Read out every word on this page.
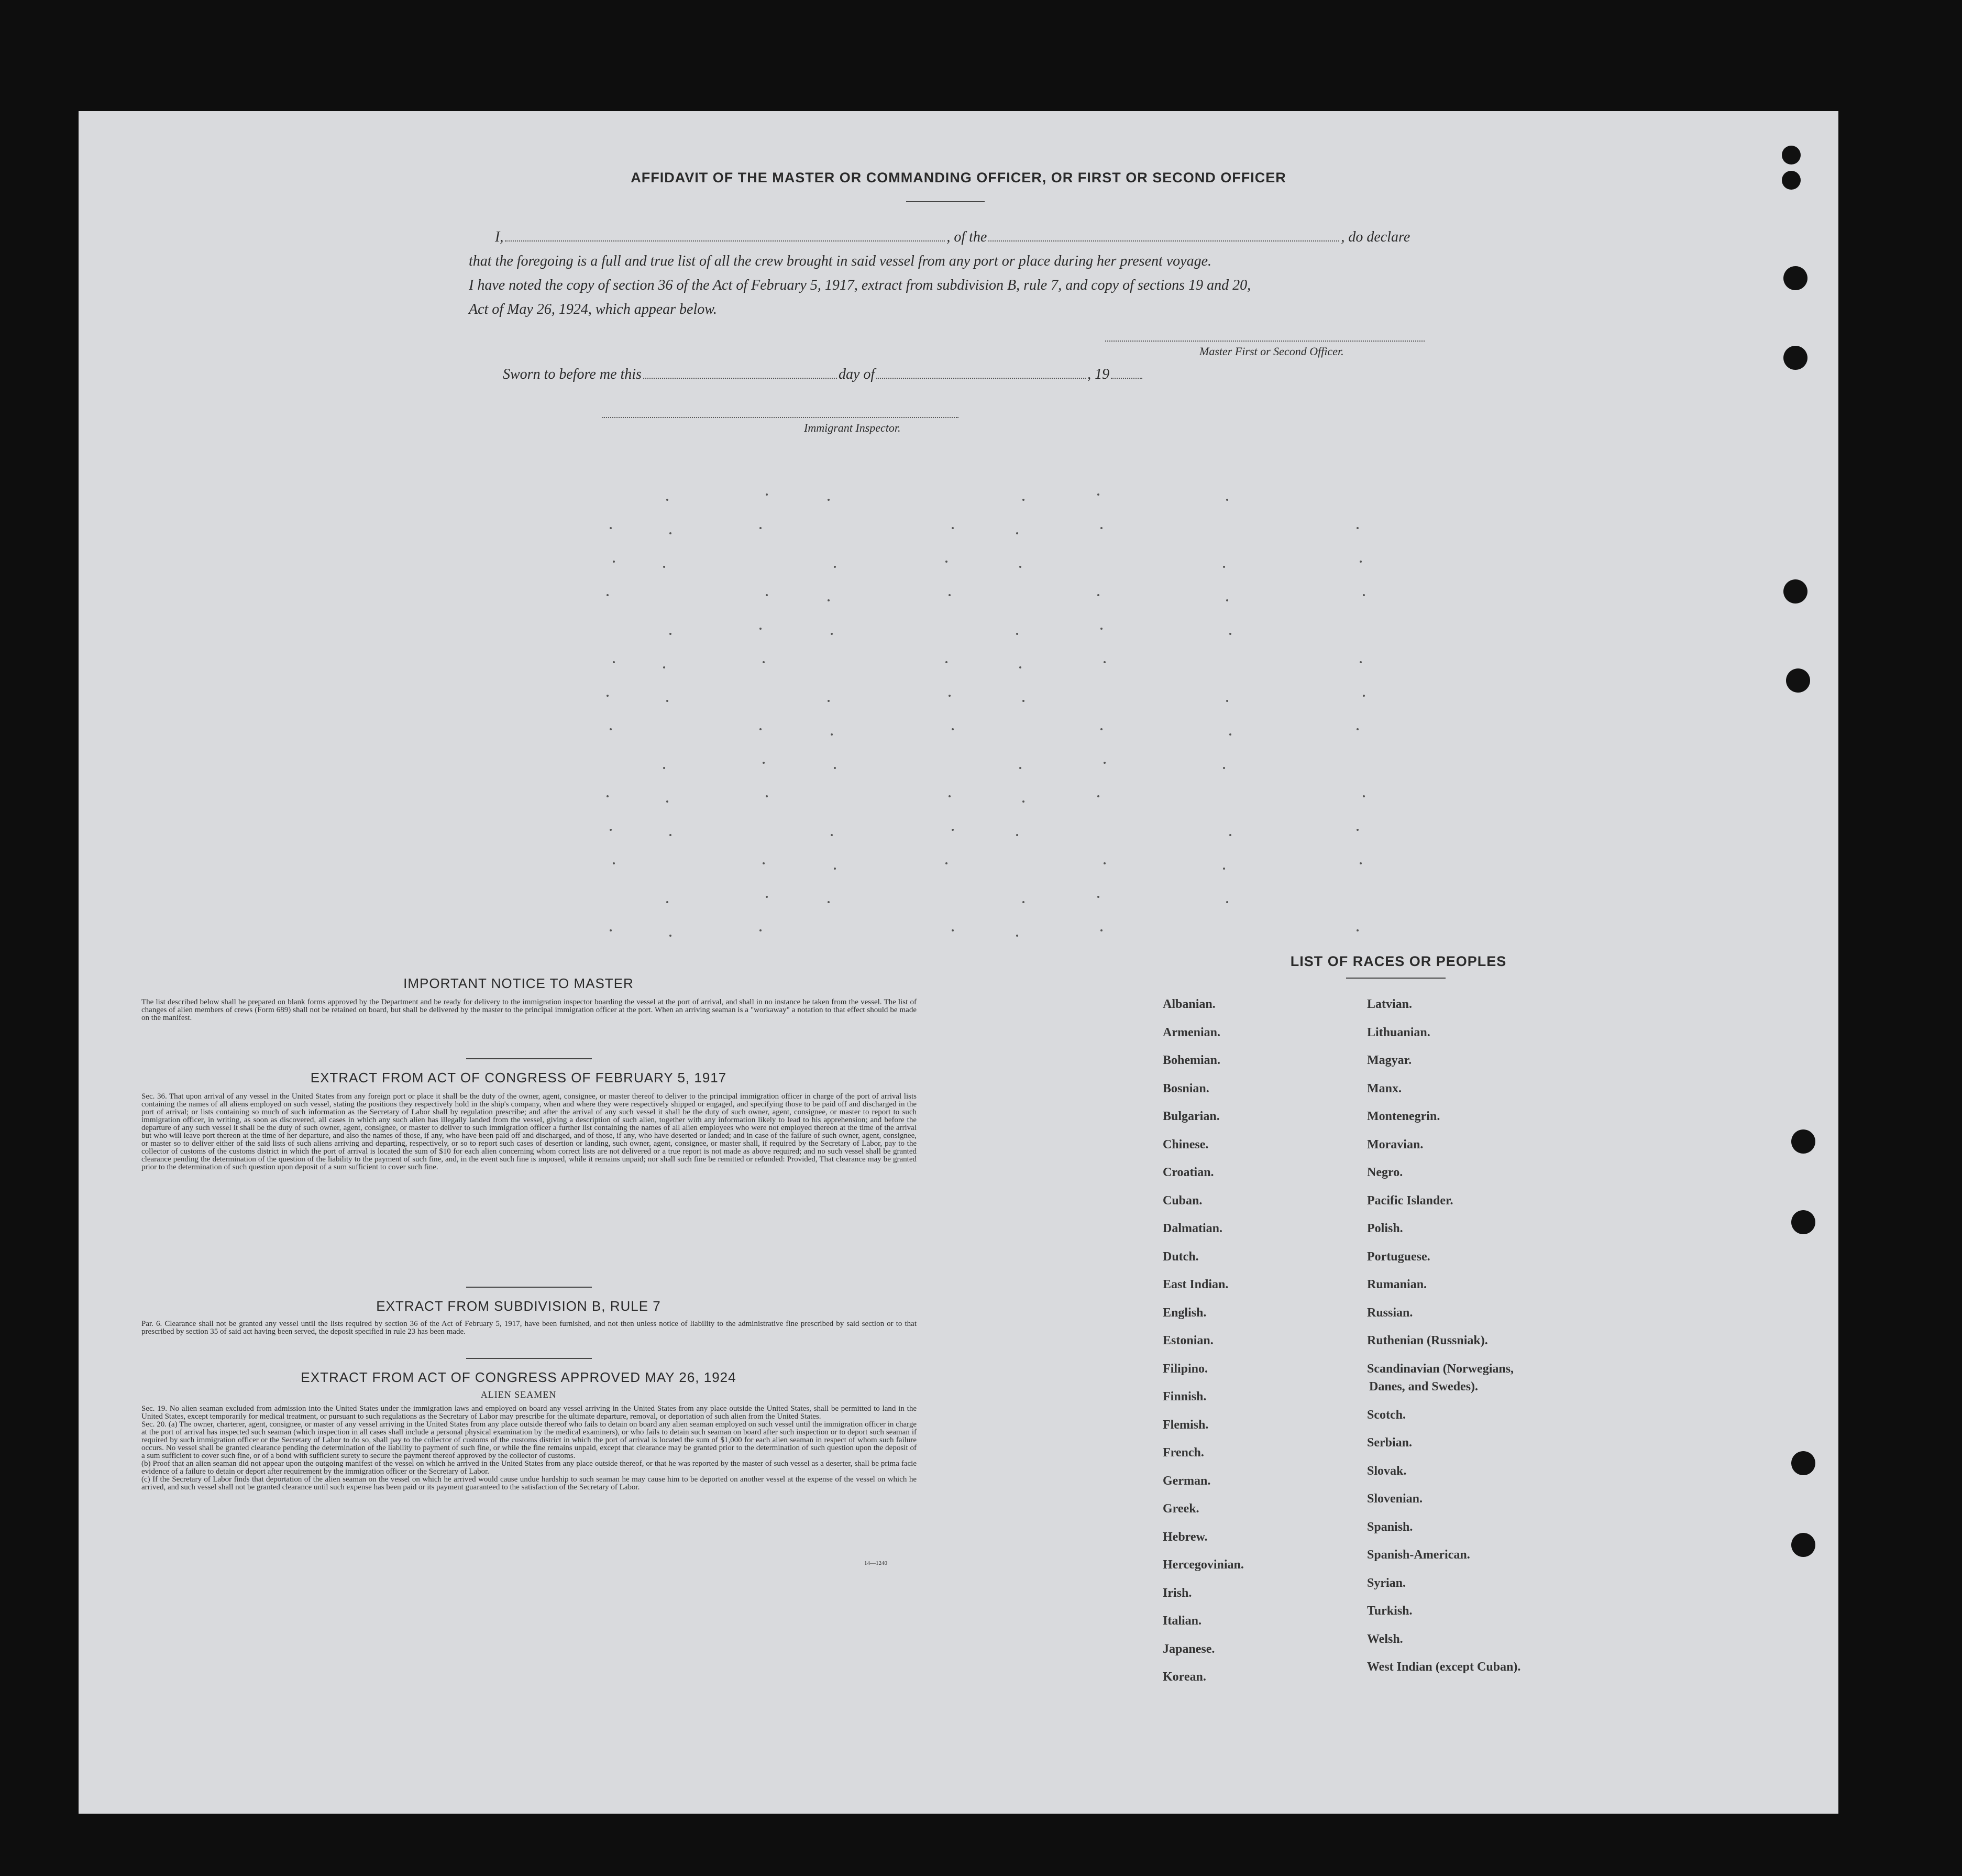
AFFIDAVIT OF THE MASTER OR COMMANDING OFFICER, OR FIRST OR SECOND OFFICER
I,	, of the	, do declare
that the foregoing is a full and true list of all the crew brought in said vessel from any port or place during her present voyage.
I have noted the copy of section 36 of the Act of February 5, 1917, extract from subdivision B, rule 7, and copy of sections 19 and 20,
Act of May 26, 1924, which appear below.
Master First or Second Officer.
Sworn to before me this	day of	, 19
Immigrant Inspector.
IMPORTANT NOTICE TO MASTER
The list described below shall be prepared on blank forms approved by the Department and be ready for delivery to the immigration inspector boarding the vessel at the port of arrival, and shall in no instance be taken from the vessel. The list of changes of alien members of crews (Form 689) shall not be retained on board, but shall be delivered by the master to the principal immigration officer at the port. When an arriving seaman is a "workaway" a notation to that effect should be made on the manifest.
EXTRACT FROM ACT OF CONGRESS OF FEBRUARY 5, 1917
Sec. 36. That upon arrival of any vessel in the United States from any foreign port or place it shall be the duty of the owner, agent, consignee, or master thereof to deliver to the principal immigration officer in charge of the port of arrival lists containing the names of all aliens employed on such vessel, stating the positions they respectively hold in the ship's company, when and where they were respectively shipped or engaged, and specifying those to be paid off and discharged in the port of arrival; or lists containing so much of such information as the Secretary of Labor shall by regulation prescribe; and after the arrival of any such vessel it shall be the duty of such owner, agent, consignee, or master to report to such immigration officer, in writing, as soon as discovered, all cases in which any such alien has illegally landed from the vessel, giving a description of such alien, together with any information likely to lead to his apprehension; and before the departure of any such vessel it shall be the duty of such owner, agent, consignee, or master to deliver to such immigration officer a further list containing the names of all alien employees who were not employed thereon at the time of the arrival but who will leave port thereon at the time of her departure, and also the names of those, if any, who have been paid off and discharged, and of those, if any, who have deserted or landed; and in case of the failure of such owner, agent, consignee, or master so to deliver either of the said lists of such aliens arriving and departing, respectively, or so to report such cases of desertion or landing, such owner, agent, consignee, or master shall, if required by the Secretary of Labor, pay to the collector of customs of the customs district in which the port of arrival is located the sum of $10 for each alien concerning whom correct lists are not delivered or a true report is not made as above required; and no such vessel shall be granted clearance pending the determination of the question of the liability to the payment of such fine, and, in the event such fine is imposed, while it remains unpaid; nor shall such fine be remitted or refunded: Provided, That clearance may be granted prior to the determination of such question upon deposit of a sum sufficient to cover such fine.
EXTRACT FROM SUBDIVISION B, RULE 7
Par. 6. Clearance shall not be granted any vessel until the lists required by section 36 of the Act of February 5, 1917, have been furnished, and not then unless notice of liability to the administrative fine prescribed by said section or to that prescribed by section 35 of said act having been served, the deposit specified in rule 23 has been made.
EXTRACT FROM ACT OF CONGRESS APPROVED MAY 26, 1924
ALIEN SEAMEN
Sec. 19. No alien seaman excluded from admission into the United States under the immigration laws and employed on board any vessel arriving in the United States from any place outside the United States, shall be permitted to land in the United States, except temporarily for medical treatment, or pursuant to such regulations as the Secretary of Labor may prescribe for the ultimate departure, removal, or deportation of such alien from the United States.
Sec. 20. (a) The owner, charterer, agent, consignee, or master of any vessel arriving in the United States from any place outside thereof who fails to detain on board any alien seaman employed on such vessel until the immigration officer in charge at the port of arrival has inspected such seaman (which inspection in all cases shall include a personal physical examination by the medical examiners), or who fails to detain such seaman on board after such inspection or to deport such seaman if required by such immigration officer or the Secretary of Labor to do so, shall pay to the collector of customs of the customs district in which the port of arrival is located the sum of $1,000 for each alien seaman in respect of whom such failure occurs. No vessel shall be granted clearance pending the determination of the liability to payment of such fine, or while the fine remains unpaid, except that clearance may be granted prior to the determination of such question upon the deposit of a sum sufficient to cover such fine, or of a bond with sufficient surety to secure the payment thereof approved by the collector of customs.
(b) Proof that an alien seaman did not appear upon the outgoing manifest of the vessel on which he arrived in the United States from any place outside thereof, or that he was reported by the master of such vessel as a deserter, shall be prima facie evidence of a failure to detain or deport after requirement by the immigration officer or the Secretary of Labor.
(c) If the Secretary of Labor finds that deportation of the alien seaman on the vessel on which he arrived would cause undue hardship to such seaman he may cause him to be deported on another vessel at the expense of the vessel on which he arrived, and such vessel shall not be granted clearance until such expense has been paid or its payment guaranteed to the satisfaction of the Secretary of Labor.
14—1240
LIST OF RACES OR PEOPLES
Albanian.
Armenian.
Bohemian.
Bosnian.
Bulgarian.
Chinese.
Croatian.
Cuban.
Dalmatian.
Dutch.
East Indian.
English.
Estonian.
Filipino.
Finnish.
Flemish.
French.
German.
Greek.
Hebrew.
Hercegovinian.
Irish.
Italian.
Japanese.
Korean.
Latvian.
Lithuanian.
Magyar.
Manx.
Montenegrin.
Moravian.
Negro.
Pacific Islander.
Polish.
Portuguese.
Rumanian.
Russian.
Ruthenian (Russniak).
Scandinavian (Norwegians,
Danes, and Swedes).
Scotch.
Serbian.
Slovak.
Slovenian.
Spanish.
Spanish-American.
Syrian.
Turkish.
Welsh.
West Indian (except Cuban).
